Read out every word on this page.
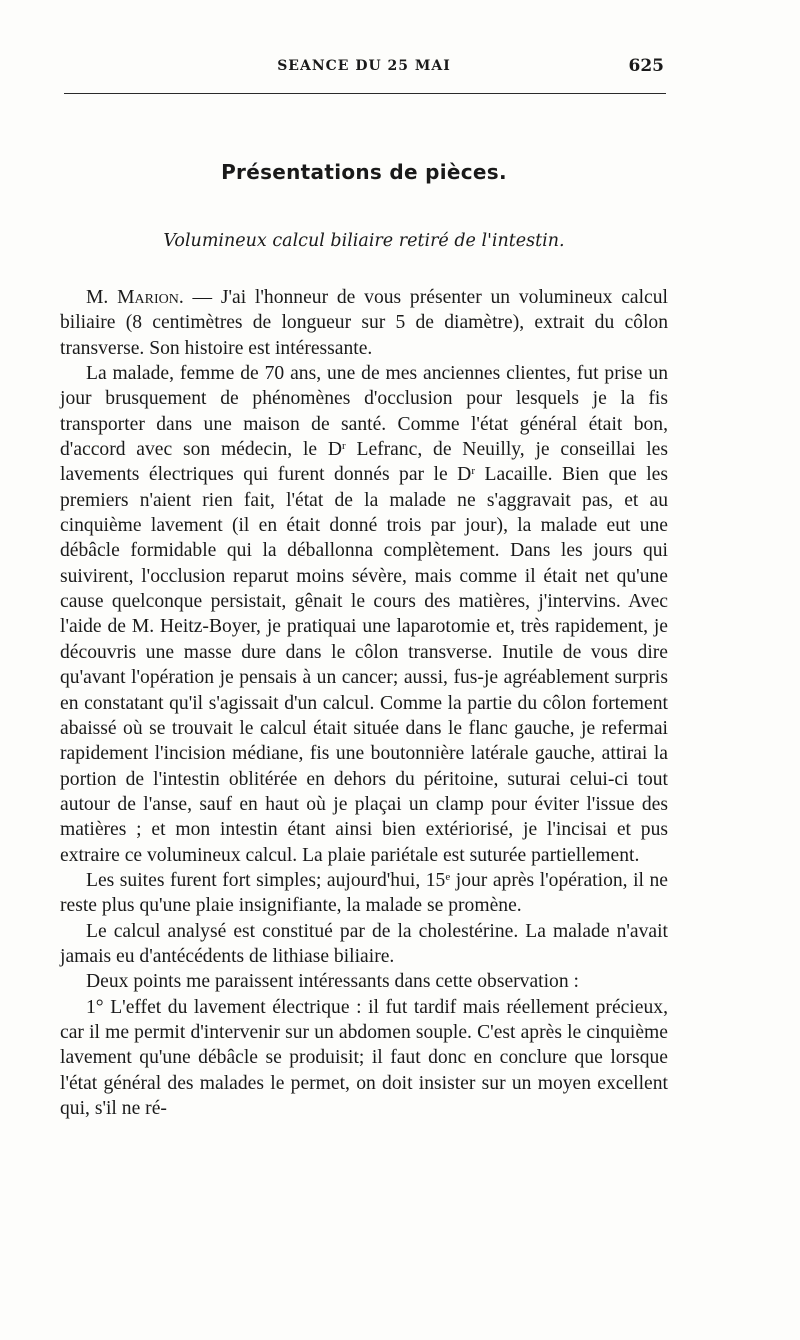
SEANCE DU 25 MAI	625
Présentations de pièces.
Volumineux calcul biliaire retiré de l'intestin.

M. Marion. — J'ai l'honneur de vous présenter un volumineux calcul biliaire (8 centimètres de longueur sur 5 de diamètre), extrait du côlon transverse. Son histoire est intéressante.

La malade, femme de 70 ans, une de mes anciennes clientes, fut prise un jour brusquement de phénomènes d'occlusion pour lesquels je la fis transporter dans une maison de santé. Comme l'état général était bon, d'accord avec son médecin, le $D^r$ Lefranc, de Neuilly, je conseillai les lavements électriques qui furent donnés par le $D^r$ Lacaille. Bien que les premiers n'aient rien fait, l'état de la malade ne s'aggravait pas, et au cinquième lavement (il en était donné trois par jour), la malade eut une débâcle formidable qui la déballonna complètement. Dans les jours qui suivirent, l'occlusion reparut moins sévère, mais comme il était net qu'une cause quelconque persistait, gênait le cours des matières, j'intervins. Avec l'aide de M. Heitz-Boyer, je pratiquai une laparotomie et, très rapidement, je découvris une masse dure dans le côlon transverse. Inutile de vous dire qu'avant l'opération je pensais à un cancer; aussi, fus-je agréablement surpris en constatant qu'il s'agissait d'un calcul. Comme la partie du côlon fortement abaissé où se trouvait le calcul était située dans le flanc gauche, je refermai rapidement l'incision médiane, fis une boutonnière latérale gauche, attirai la portion de l'intestin oblitérée en dehors du péritoine, suturai celui-ci tout autour de l'anse, sauf en haut où je plaçai un clamp pour éviter l'issue des matières ; et mon intestin étant ainsi bien extériorisé, je l'incisai et pus extraire ce volumineux calcul. La plaie pariétale est suturée partiellement.

Les suites furent fort simples; aujourd'hui, 15e jour après l'opération, il ne reste plus qu'une plaie insignifiante, la malade se promène.

Le calcul analysé est constitué par de la cholestérine. La malade n'avait jamais eu d'antécédents de lithiase biliaire.

Deux points me paraissent intéressants dans cette observation :

1° L'effet du lavement électrique : il fut tardif mais réellement précieux, car il me permit d'intervenir sur un abdomen souple. C'est après le cinquième lavement qu'une débâcle se produisit; il faut donc en conclure que lorsque l'état général des malades le permet, on doit insister sur un moyen excellent qui, s'il ne ré-
